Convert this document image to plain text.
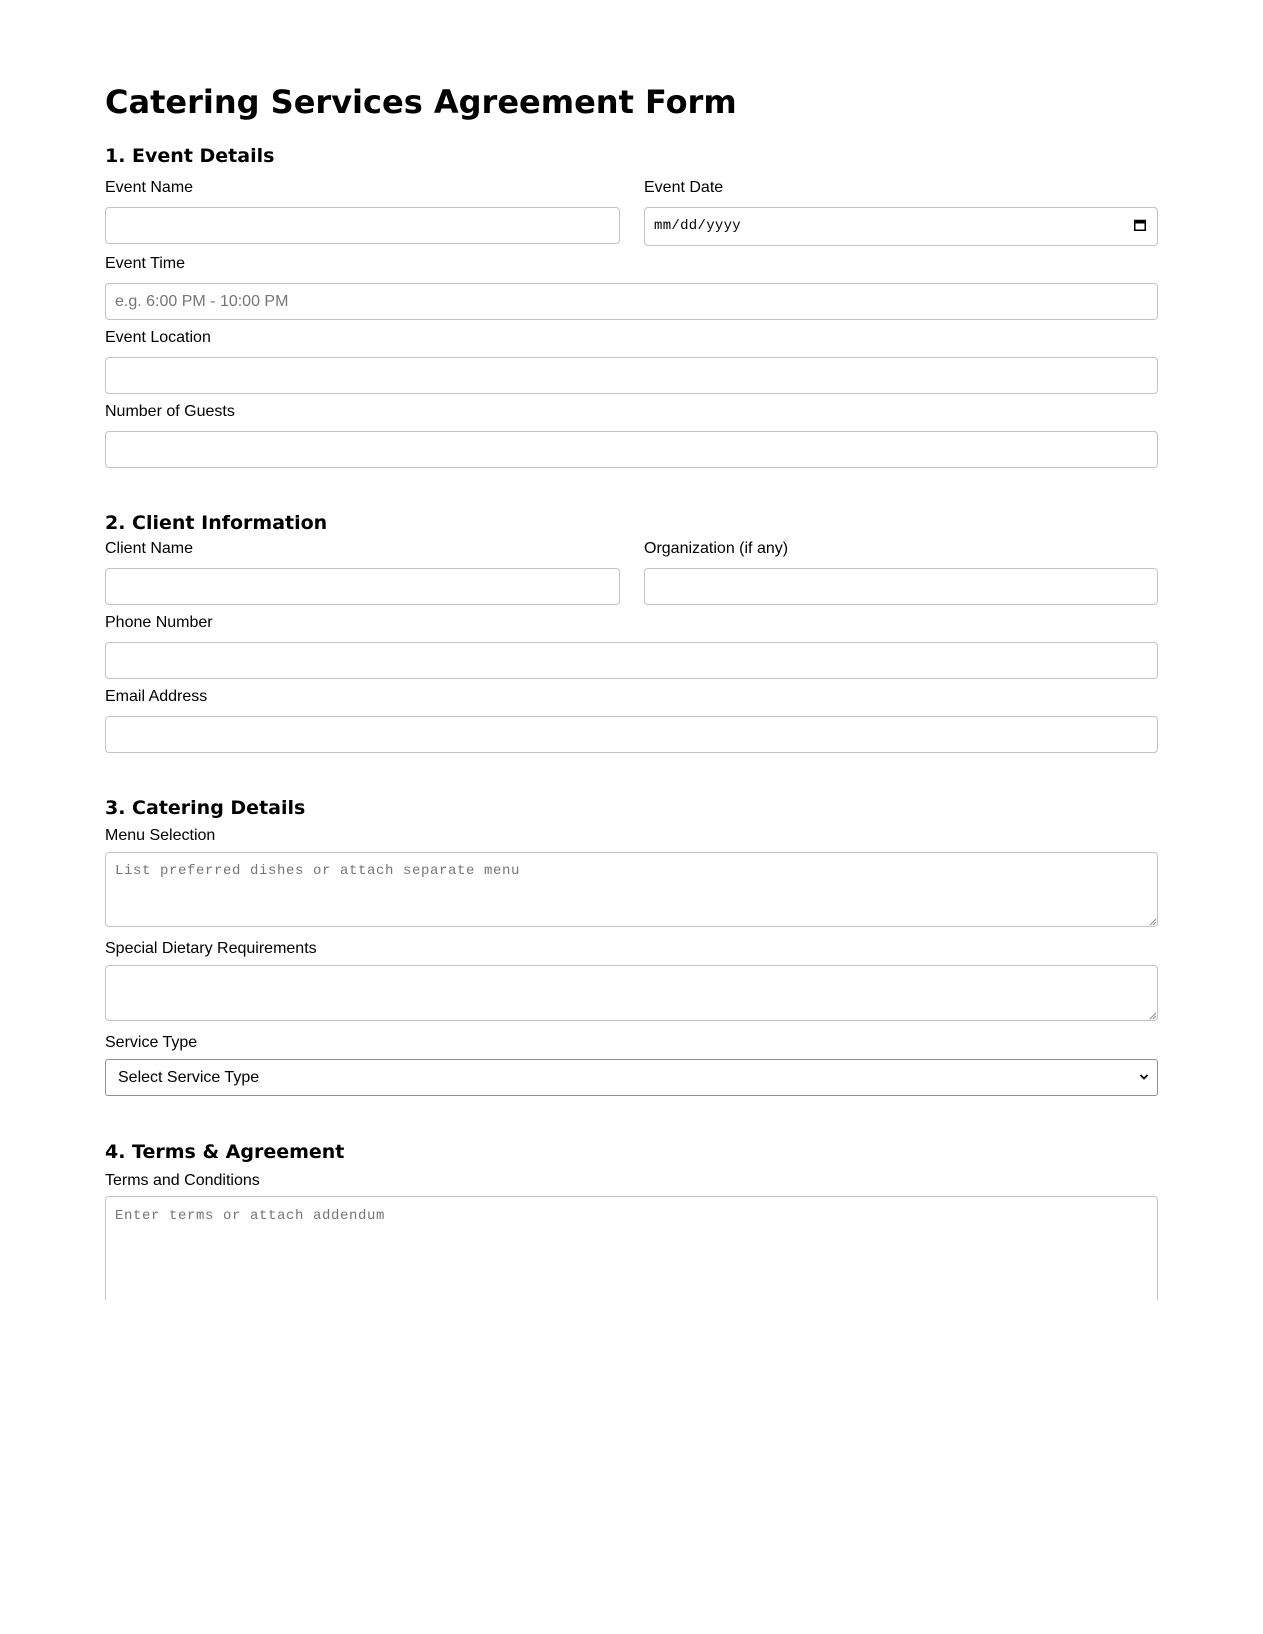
Catering Services Agreement Form
1. Event Details
Event Name	Event Date
mm/dd/yyyy
Event Time
e.g. 6:00 PM - 10:00 PM
Event Location
Number of Guests
2. Client Information
Client Name	Organization (if any)
Phone Number
Email Address
3. Catering Details
Menu Selection
List preferred dishes or attach separate menu
Special Dietary Requirements
Service Type
Select Service Type
4. Terms & Agreement
Terms and Conditions
Enter terms or attach addendum
